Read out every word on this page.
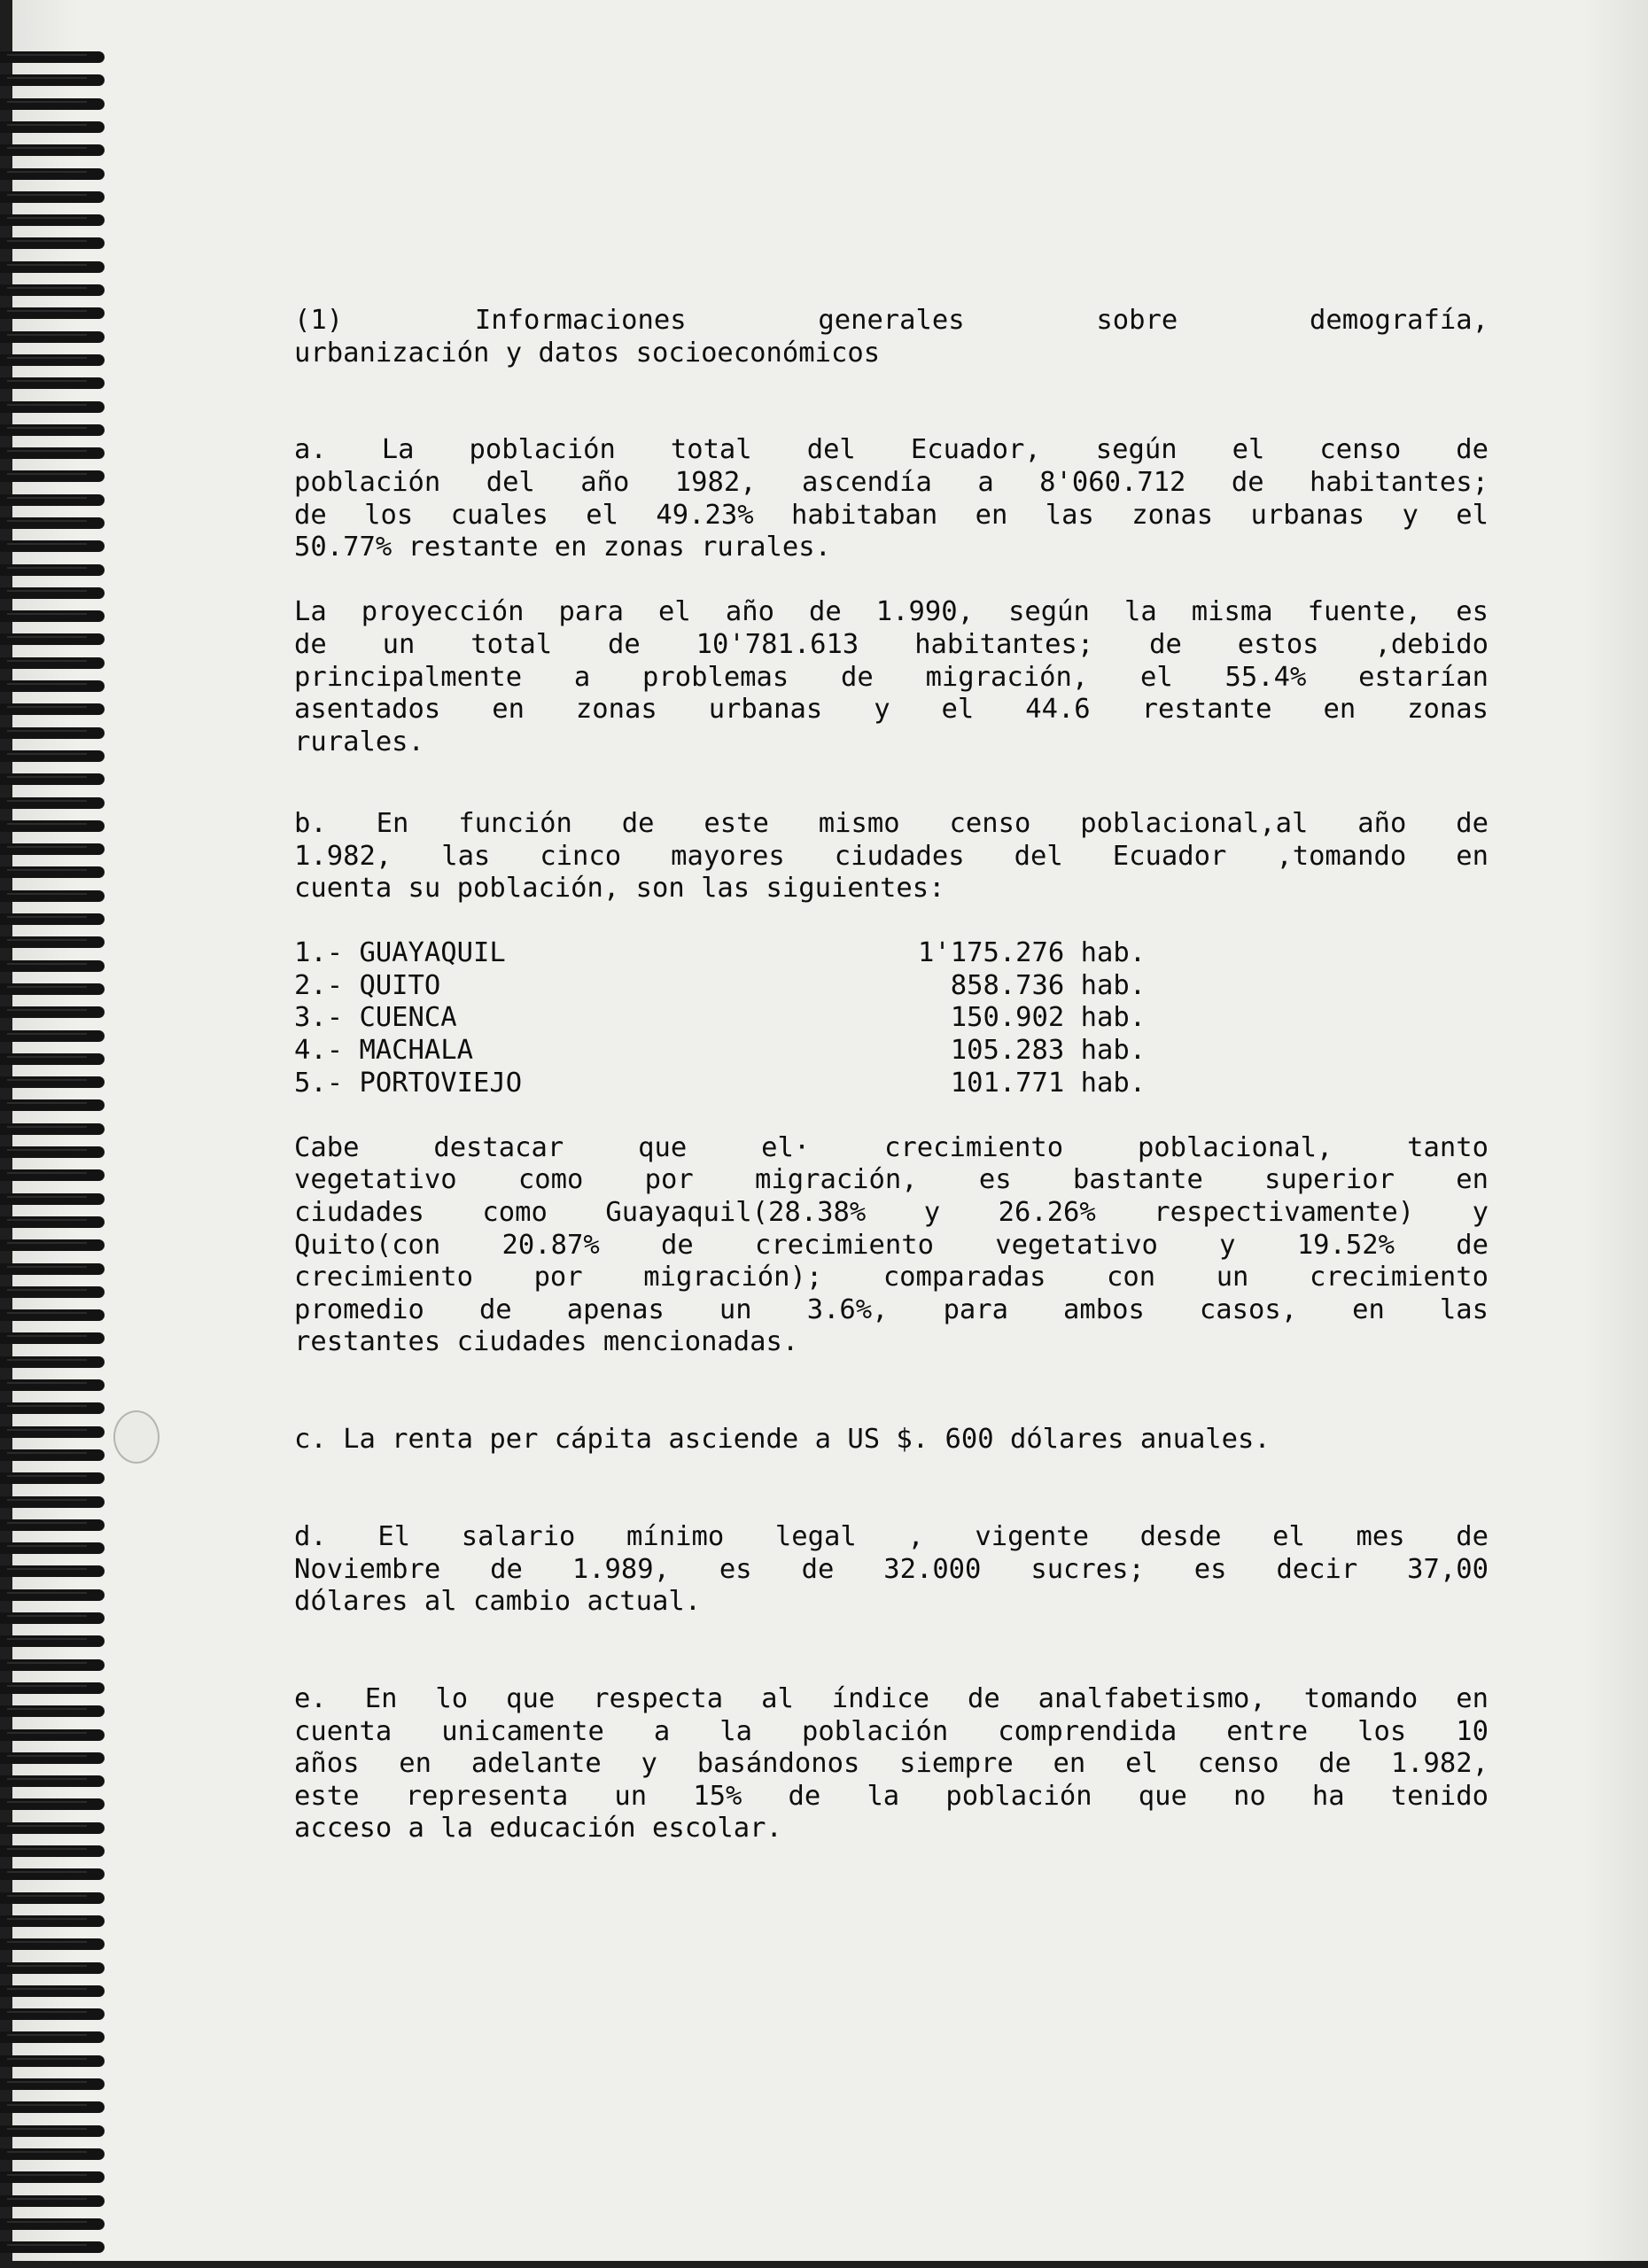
(1) Informaciones generales sobre demografía,
urbanización y datos socioeconómicos
a. La población total del Ecuador, según el censo de
población del año 1982, ascendía a 8'060.712 de habitantes;
de los cuales el 49.23% habitaban en las zonas urbanas y el
50.77% restante en zonas rurales.
La proyección para el año de 1.990, según la misma fuente, es
de un total de 10'781.613 habitantes; de estos ,debido
principalmente a problemas de migración, el 55.4% estarían
asentados en zonas urbanas y el 44.6 restante en zonas
rurales.
b. En función de este mismo censo poblacional,al año de
1.982, las cinco mayores ciudades del Ecuador ,tomando en
cuenta su población, son las siguientes:

1.- GUAYAQUIL

	1'175.276 hab.

2.- QUITO

	858.736 hab.

3.- CUENCA

	150.902 hab.

4.- MACHALA

	105.283 hab.

5.- PORTOVIEJO

	101.771 hab.

Cabe destacar que el· crecimiento poblacional, tanto
vegetativo como por migración, es bastante superior en
ciudades como Guayaquil(28.38% y 26.26% respectivamente) y
Quito(con 20.87% de crecimiento vegetativo y 19.52% de
crecimiento por migración); comparadas con un crecimiento
promedio de apenas un 3.6%, para ambos casos, en las
restantes ciudades mencionadas.
c. La renta per cápita asciende a US $. 600 dólares anuales.
d. El salario mínimo legal , vigente desde el mes de
Noviembre de 1.989, es de 32.000 sucres; es decir 37,00
dólares al cambio actual.
e. En lo que respecta al índice de analfabetismo, tomando en
cuenta unicamente a la población comprendida entre los 10
años en adelante y basándonos siempre en el censo de 1.982,
este representa un 15% de la población que no ha tenido
acceso a la educación escolar.
